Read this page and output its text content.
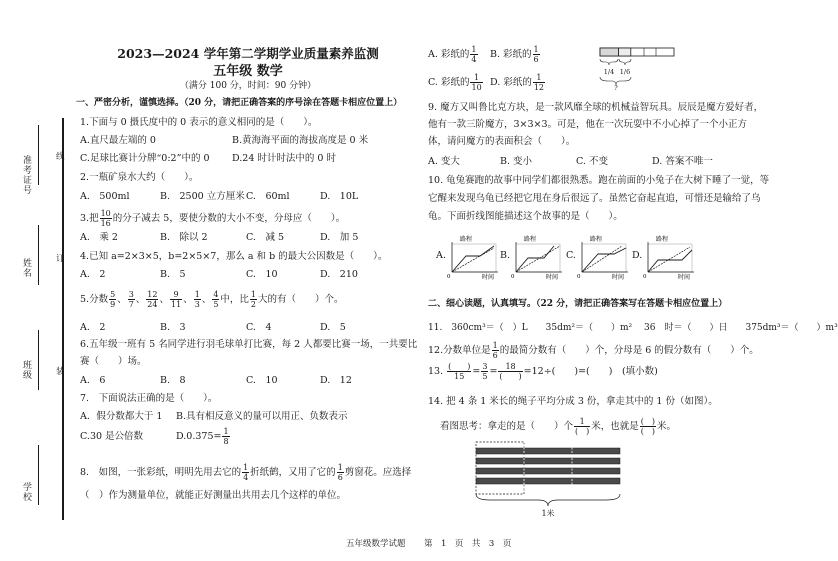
准考证号
姓名
班级
学校
线
订
装
2023—2024 学年第二学期学业质量素养监测
五年级 数学
（满分 100 分，时间：90 分钟）
一、严密分析，谨慎选择。（20 分，请把正确答案的序号涂在答题卡相应位置上）
1.下面与 0 摄氏度中的 0 表示的意义相同的是（　　）。
A.直尺最左端的 0	B.黄海海平面的海拔高度是 0 米
C.足球比赛计分牌“0:2”中的 0 D.24 时计时法中的 0 时
2.一瓶矿泉水大约（　　）。
A.　500ml	B.　2500 立方厘米 C.　60ml	D.　10L
3.把 $\frac{10}{16}$ 的分子减去 5，要使分数的大小不变，分母应（　　）。
A.　乘 2	B.　除以 2	C.　减 5	D.　加 5
4.已知 a=2×3×5，b=2×5×7，那么 a 和 b 的最大公因数是（　　）。
A.　2	B.　5	C.　10	D.　210
5.分数 $\frac{5}{9}$ 、 $\frac{3}{7}$ 、 $\frac{12}{24}$ 、 $\frac{9}{11}$ 、 $\frac{1}{3}$ 、 $\frac{4}{5}$ 中，比 $\frac{1}{2}$ 大的有（　　）个。
A.　2	B.　3	C.　4	D.　5
6.五年级一班有 5 名同学进行羽毛球单打比赛，每 2 人都要比赛一场，一共要比
赛（　　）场。
A.　6	B.　8	C.　10	D.　12
7.　下面说法正确的是（　　）。
A．假分数都大于 1 B.具有相反意义的量可以用正、负数表示
C.30 是公倍数	$D.0.375= \frac{1}{8}$
8.　如图，一张彩纸，明明先用去它的 $\frac{1}{4}$ 折纸鹤，又用了它的 $\frac{1}{6}$ 剪窗花。应选择
（　）作为测量单位，就能正好测量出共用去几个这样的单位。
A. 彩纸的 $\frac{1}{4} B$. 彩纸的 $\frac{1}{6}$
C. 彩纸的 $\frac{1}{10} D$. 彩纸的 $\frac{1}{12}$
1/4 1/6
?
9. 魔方又叫鲁比克方块，是一款风靡全球的机械益智玩具。辰辰是魔方爱好者，
他有一款三阶魔方，3×3×3。可是，他在一次玩耍中不小心掉了一个小正方
体，请问魔方的表面积会（　　）。
A. 变大	B. 变小	C. 不变	D. 答案不唯一
10. 龟兔赛跑的故事中同学们都很熟悉。跑在前面的小兔子在大树下睡了一觉，等
它醒来发现乌龟已经把它甩在身后很远了。虽然它奋起直追，可惜还是输给了乌
龟。下面折线图能描述这个故事的是（　　）。
A.	B.	C.	D.
路程
0	时间
路程
0	时间
路程
0	时间
路程
0	时间
二、细心读题，认真填写。（22 分，请把正确答案写在答题卡相应位置上）
11.　360cm³＝（　）L　　35dm²＝（　　）m²　 36　时＝（　　）日　　375dm³＝（　　）m³
12.分数单位是 $\frac{1}{6}$ 的最简分数有（　　）个，分母是 6 的假分数有（　　）个。
13. $\frac{( )}{15} = \frac{3}{5} = \frac{18}{( )} =12\div$(　　)=(　　)　(填小数)
14. 把 4 条 1 米长的绳子平均分成 3 份，拿走其中的 1 份（如图）。
看图思考：拿走的是（　　）个 $\frac{1}{( )}$ 米，也就是 $\frac{( )}{( )}$ 米。
1米
五年级数学试题 第　1　页　共　3　页
